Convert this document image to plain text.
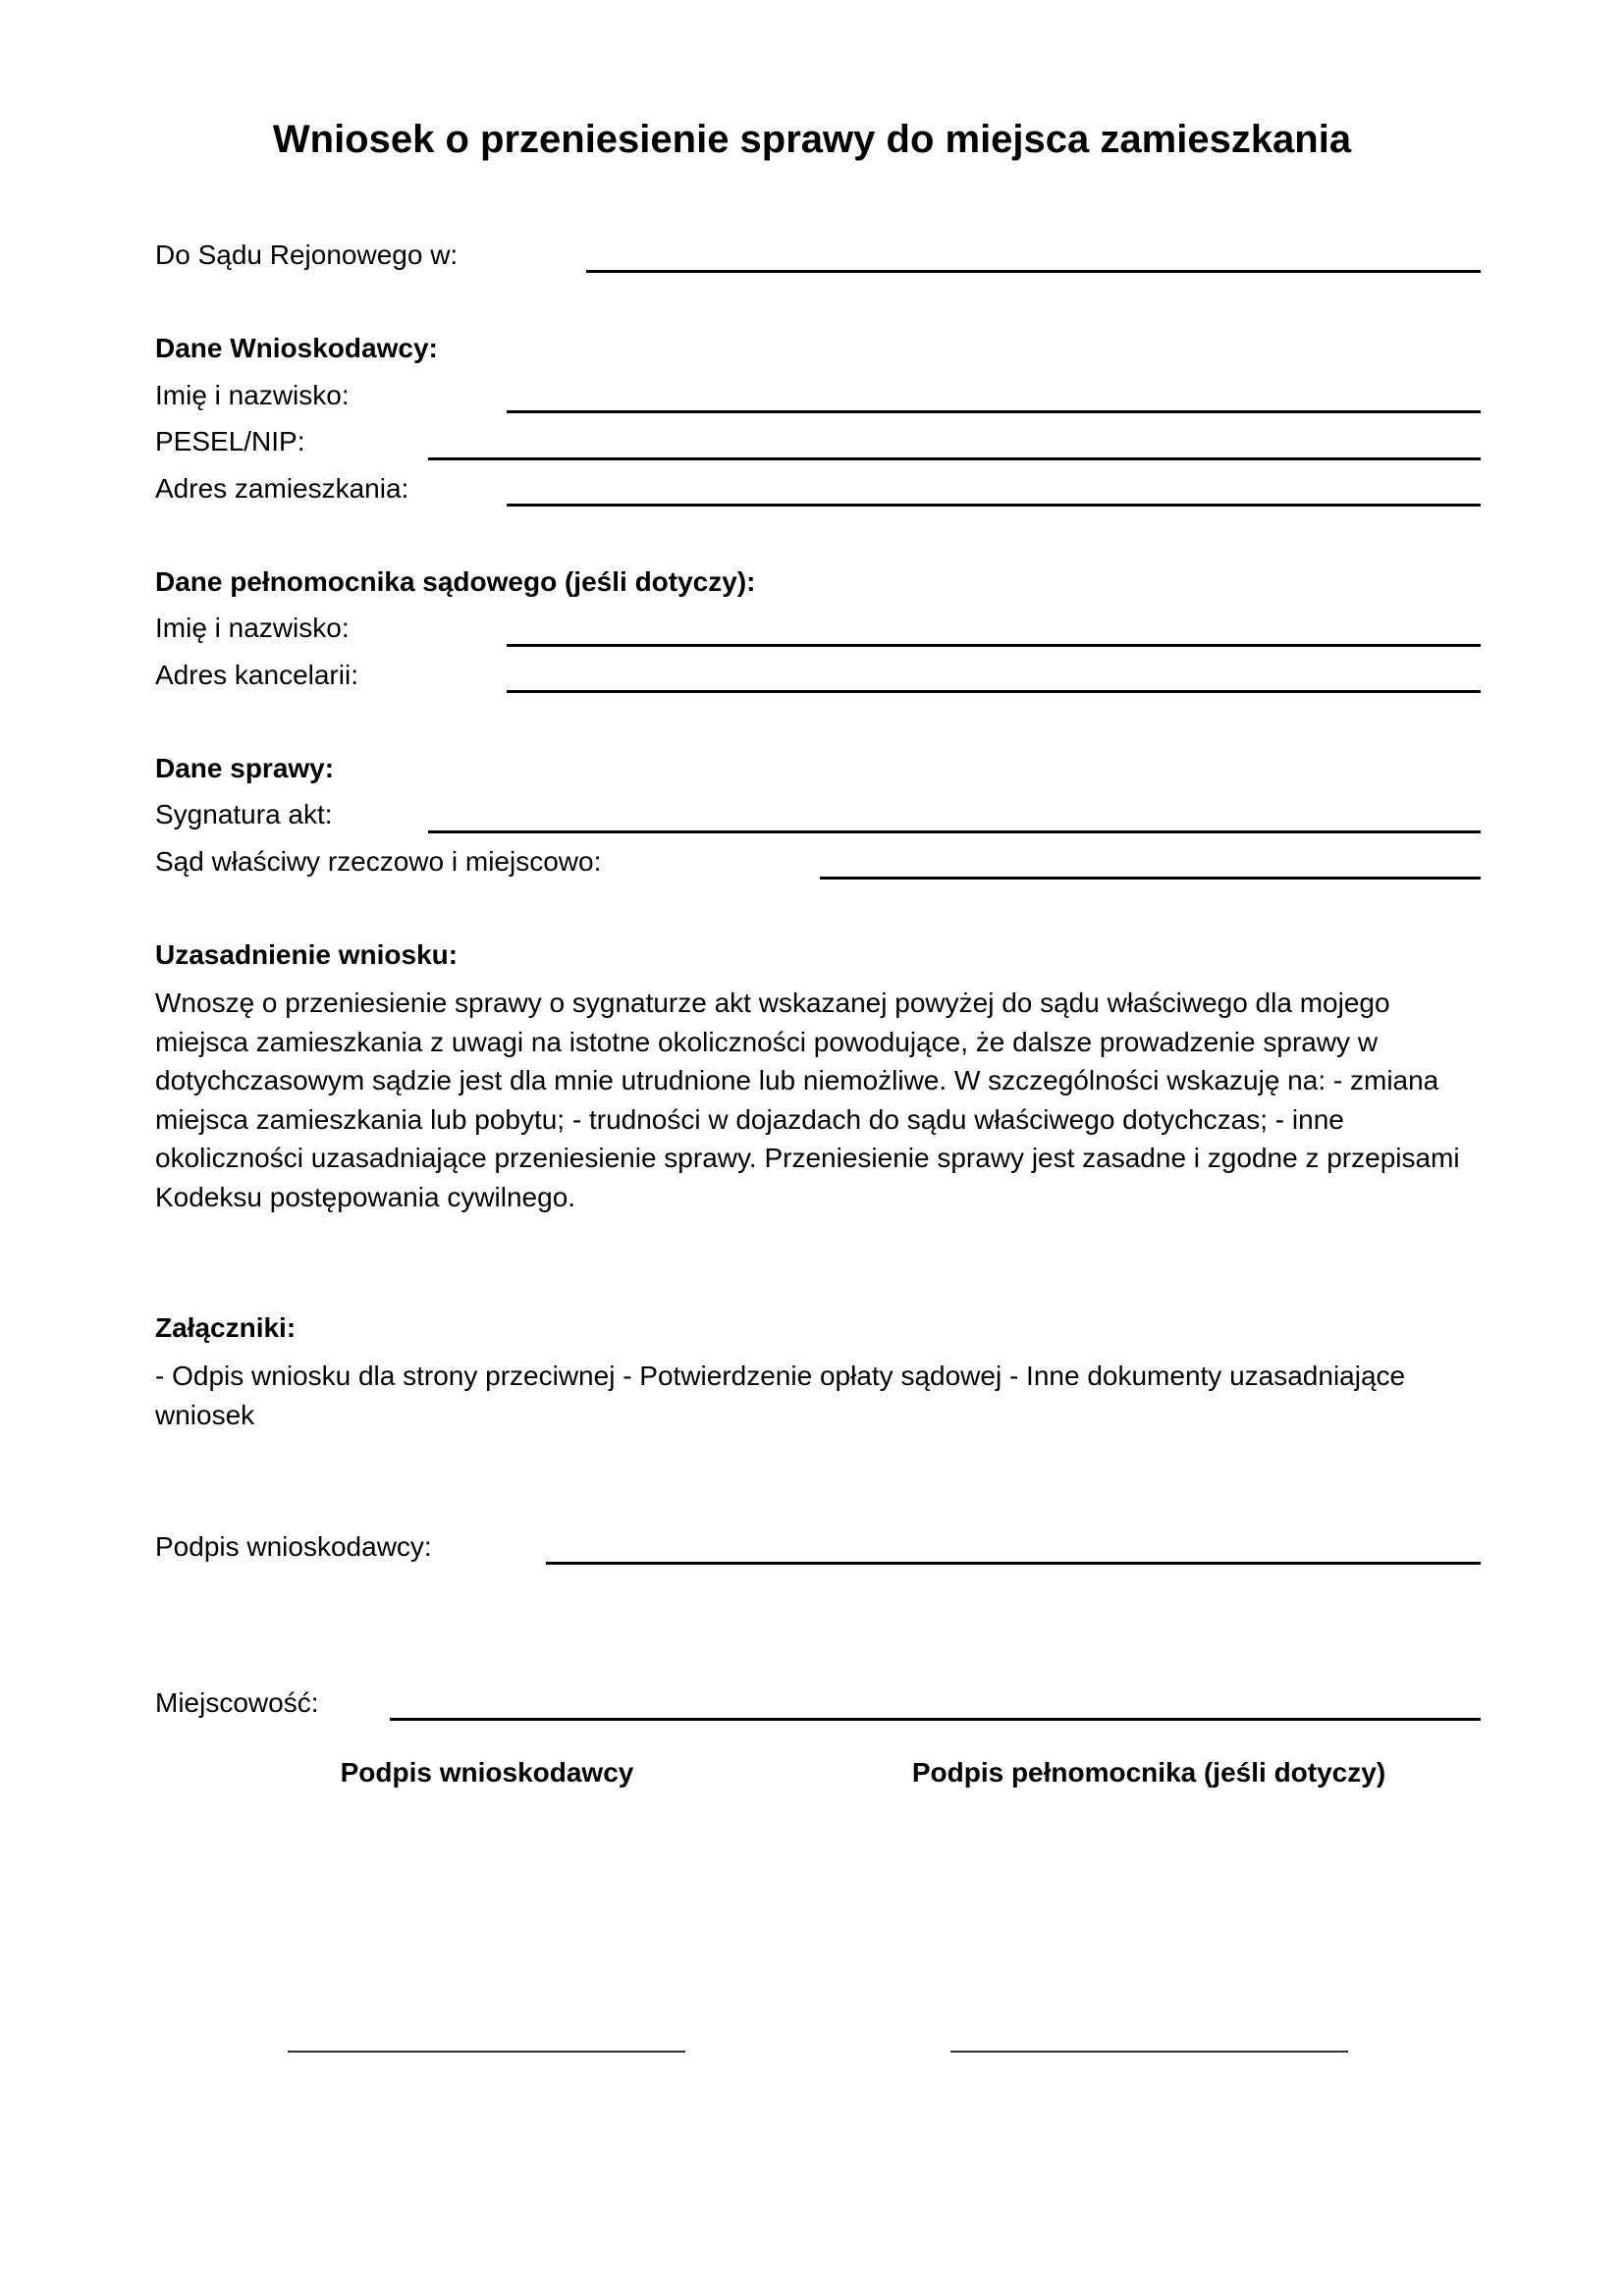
Wniosek o przeniesienie sprawy do miejsca zamieszkania
Do Sądu Rejonowego w:
Dane Wnioskodawcy:
Imię i nazwisko:
PESEL/NIP:
Adres zamieszkania:
Dane pełnomocnika sądowego (jeśli dotyczy):
Imię i nazwisko:
Adres kancelarii:
Dane sprawy:
Sygnatura akt:
Sąd właściwy rzeczowo i miejscowo:
Uzasadnienie wniosku:
Wnoszę o przeniesienie sprawy o sygnaturze akt wskazanej powyżej do sądu właściwego dla mojego miejsca zamieszkania z uwagi na istotne okoliczności powodujące, że dalsze prowadzenie sprawy w dotychczasowym sądzie jest dla mnie utrudnione lub niemożliwe. W szczególności wskazuję na: - zmiana miejsca zamieszkania lub pobytu; - trudności w dojazdach do sądu właściwego dotychczas; - inne okoliczności uzasadniające przeniesienie sprawy. Przeniesienie sprawy jest zasadne i zgodne z przepisami Kodeksu postępowania cywilnego.
Załączniki:
- Odpis wniosku dla strony przeciwnej - Potwierdzenie opłaty sądowej - Inne dokumenty uzasadniające wniosek
Podpis wnioskodawcy:
Miejscowość:
Podpis wnioskodawcy	Podpis pełnomocnika (jeśli dotyczy)
